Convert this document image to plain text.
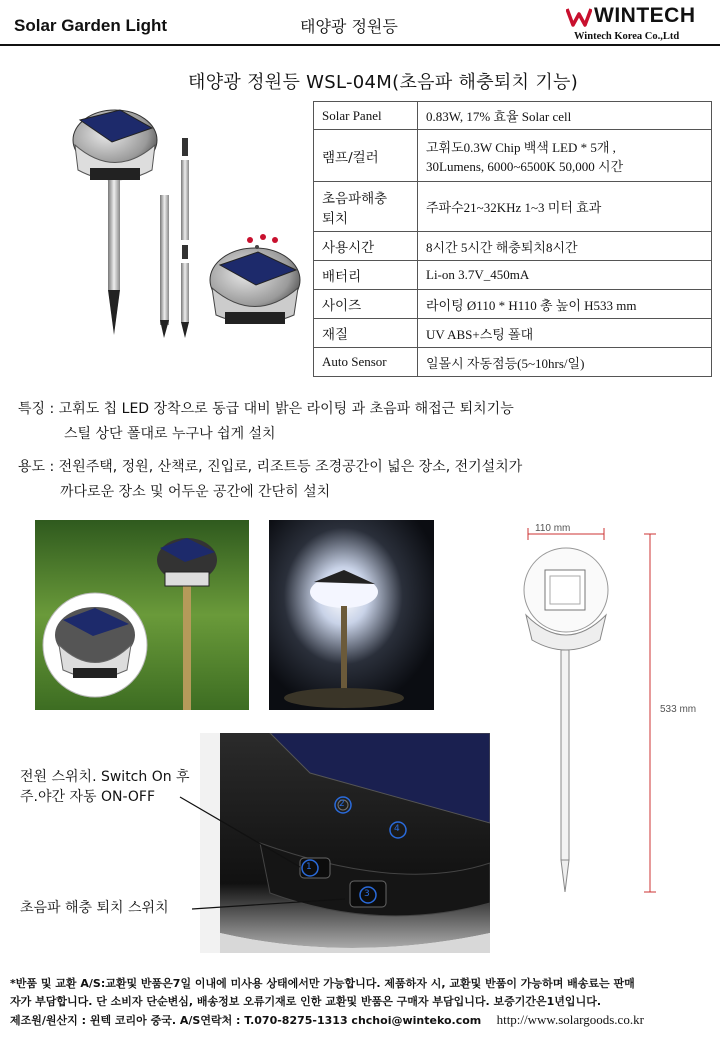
Solar Garden Light	태양광 정원등	WINTECH
Wintech Korea Co.,Ltd
태양광 정원등 WSL-04M(초음파 해충퇴치 기능)
Solar Panel	0.83W, 17% 효율 Solar cell
램프/컬러	고휘도0.3W Chip 백색 LED * 5개 ,
30Lumens, 6000~6500K 50,000 시간

초음파해충
퇴치	주파수21~32KHz 1~3 미터 효과
사용시간	8시간 5시간 해충퇴치8시간
배터리	Li-on 3.7V_450mA
사이즈	라이팅 Ø110 * H110 총 높이 H533 mm
재질	UV ABS+스팅 폴대
Auto Sensor	일몰시 자동점등(5~10hrs/일)
특징 : 고휘도 칩 LED 장착으로 동급 대비 밝은 라이팅 과 초음파 해접근 퇴치기능
스틸 상단 폴대로 누구나 쉽게 설치
용도 : 전원주택, 정원, 산책로, 진입로, 리조트등 조경공간이 넓은 장소, 전기설치가
까다로운 장소 및 어두운 공간에 간단히 설치
110 mm
533 mm
1
3
2
4
전원 스위치. Switch On 후
주.야간 자동 ON-OFF
초음파 해충 퇴치 스위치
*반품 및 교환 A/S:교환및 반품은7일 이내에 미사용 상태에서만 가능합니다. 제품하자 시, 교환및 반품이 가능하며 배송료는 판매
자가 부담합니다. 단 소비자 단순변심, 배송정보 오류기재로 인한 교환및 반품은 구매자 부담입니다. 보증기간은1년입니다.
제조원/원산지 : 윈텍 코리아 중국. A/S연락처 : T.070-8275-1313 chchoi@winteko.com http://www.solargoods.co.kr
